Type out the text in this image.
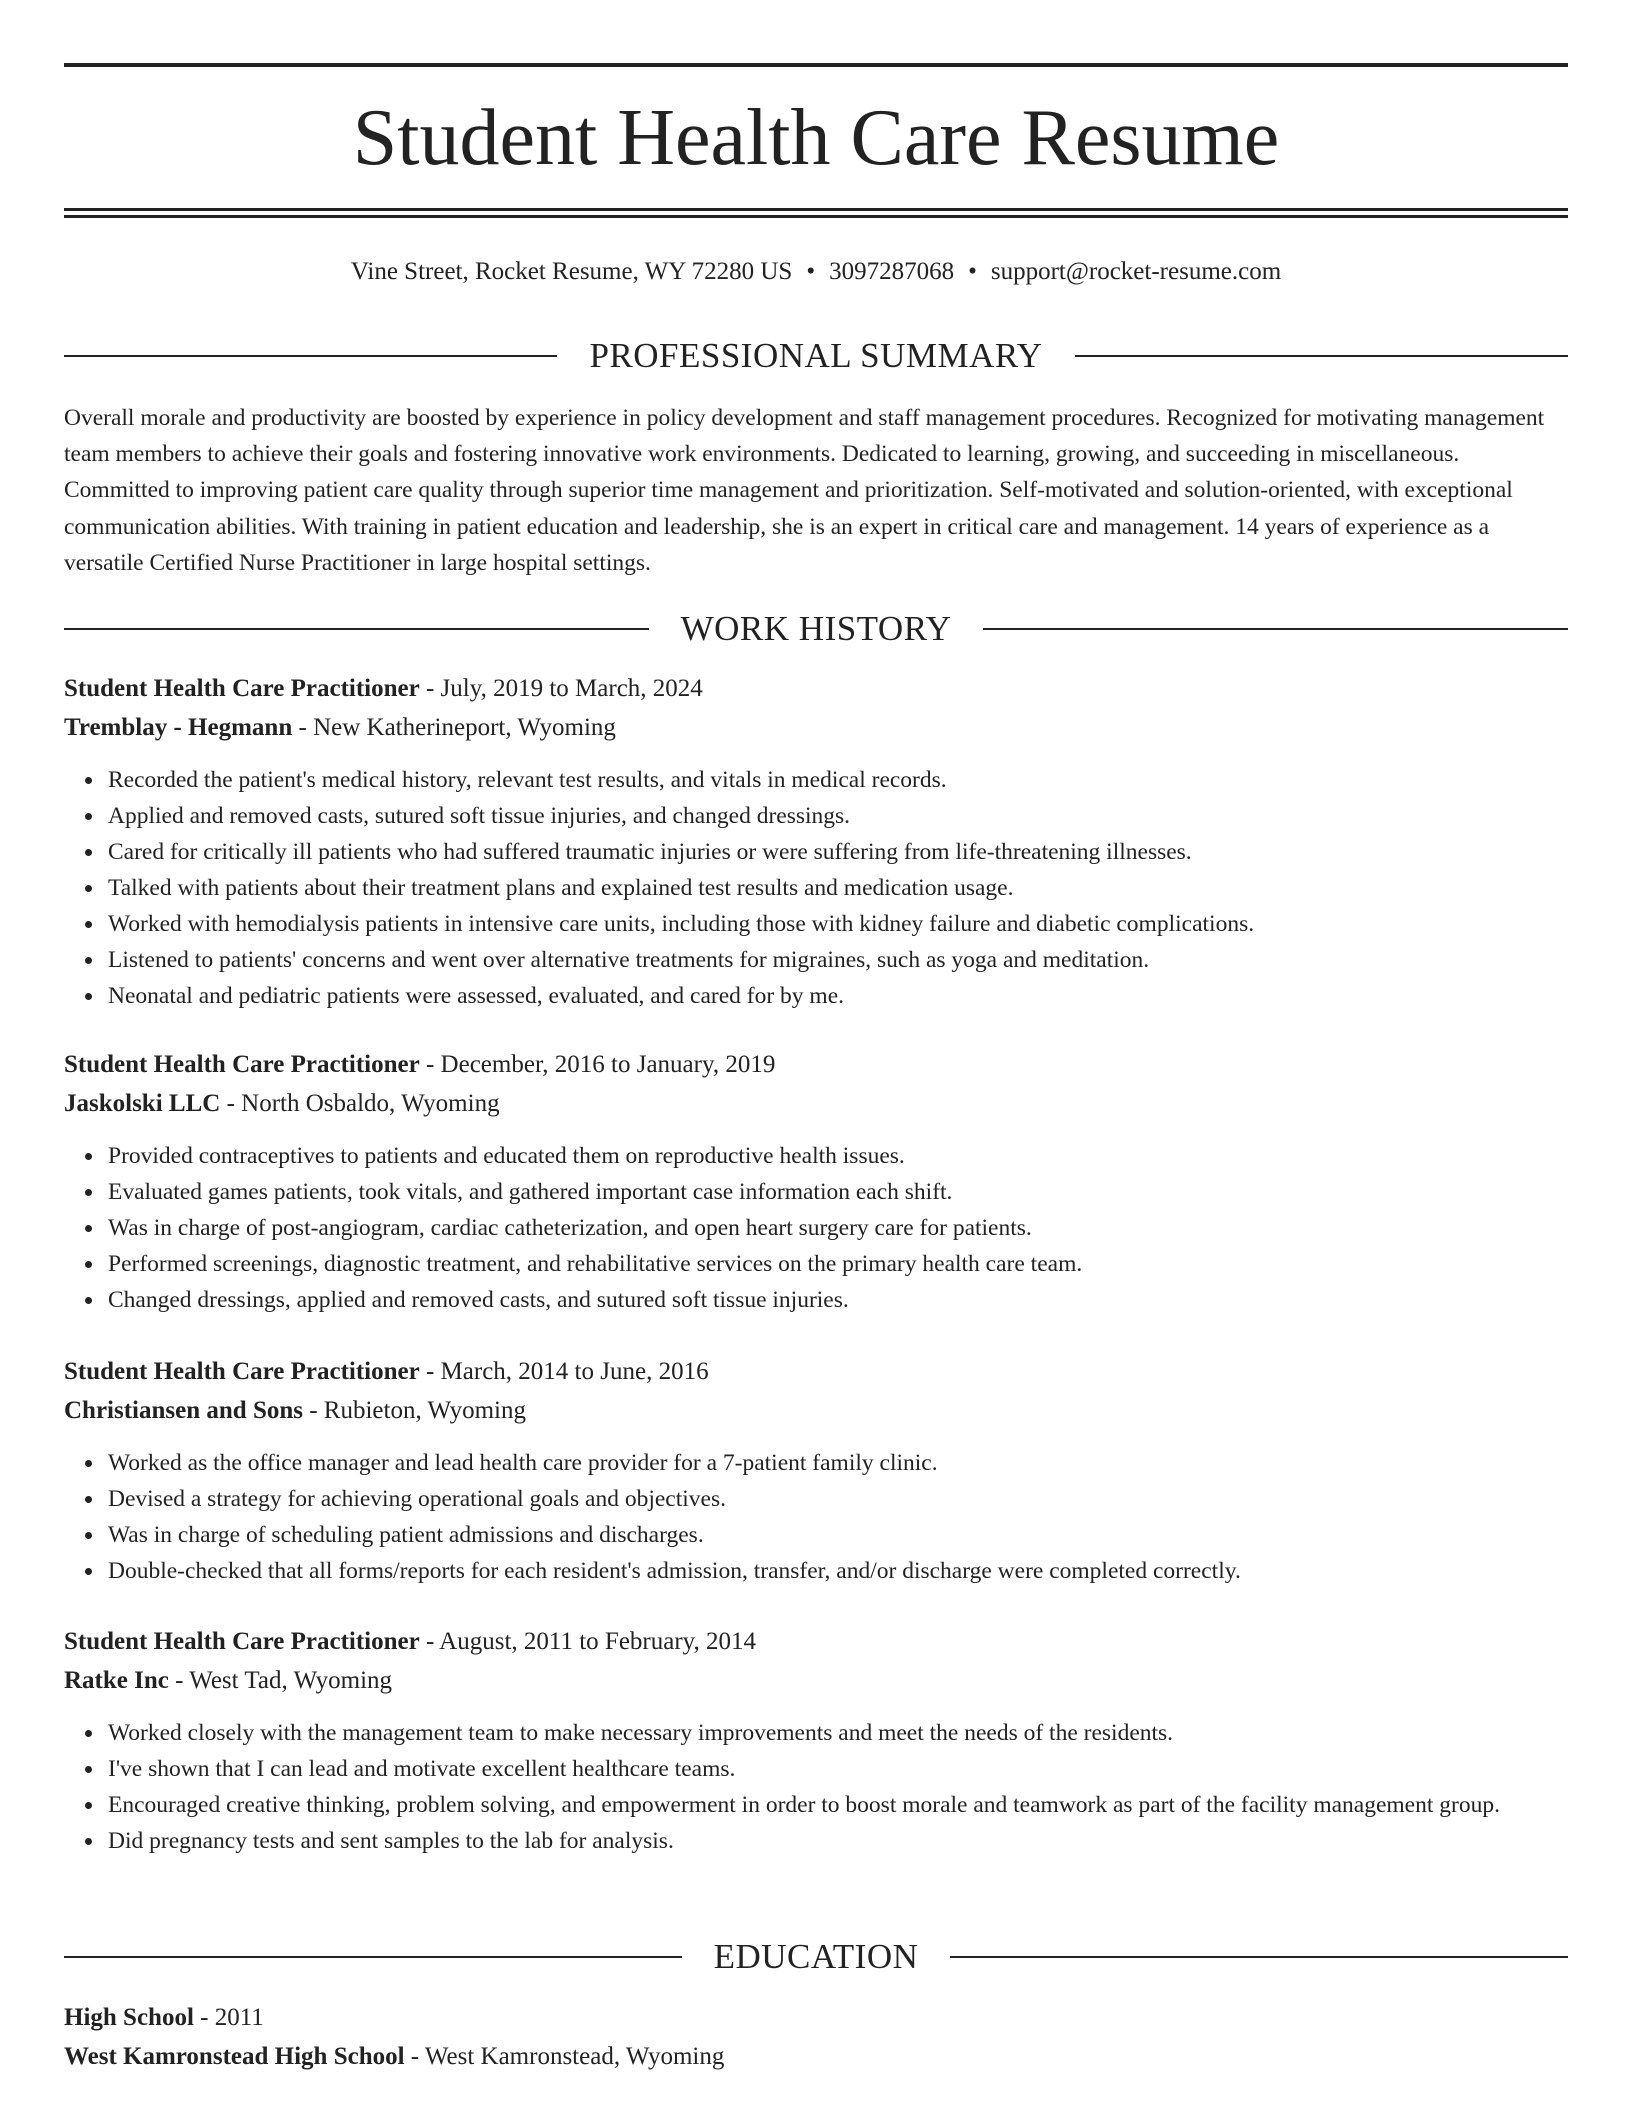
Student Health Care Resume
Vine Street, Rocket Resume, WY 72280 US • 3097287068 • support@rocket-resume.com
PROFESSIONAL SUMMARY

Overall morale and productivity are boosted by experience in policy development and staff management procedures. Recognized for motivating management team members to achieve their goals and fostering innovative work environments. Dedicated to learning, growing, and succeeding in miscellaneous. Committed to improving patient care quality through superior time management and prioritization. Self-motivated and solution-oriented, with exceptional communication abilities. With training in patient education and leadership, she is an expert in critical care and management. 14 years of experience as a versatile Certified Nurse Practitioner in large hospital settings.

WORK HISTORY
Student Health Care Practitioner - July, 2019 to March, 2024
Tremblay - Hegmann - New Katherineport, Wyoming
Recorded the patient's medical history, relevant test results, and vitals in medical records.
Applied and removed casts, sutured soft tissue injuries, and changed dressings.
Cared for critically ill patients who had suffered traumatic injuries or were suffering from life-threatening illnesses.
Talked with patients about their treatment plans and explained test results and medication usage.
Worked with hemodialysis patients in intensive care units, including those with kidney failure and diabetic complications.
Listened to patients' concerns and went over alternative treatments for migraines, such as yoga and meditation.
Neonatal and pediatric patients were assessed, evaluated, and cared for by me.
Student Health Care Practitioner - December, 2016 to January, 2019
Jaskolski LLC - North Osbaldo, Wyoming
Provided contraceptives to patients and educated them on reproductive health issues.
Evaluated games patients, took vitals, and gathered important case information each shift.
Was in charge of post-angiogram, cardiac catheterization, and open heart surgery care for patients.
Performed screenings, diagnostic treatment, and rehabilitative services on the primary health care team.
Changed dressings, applied and removed casts, and sutured soft tissue injuries.
Student Health Care Practitioner - March, 2014 to June, 2016
Christiansen and Sons - Rubieton, Wyoming
Worked as the office manager and lead health care provider for a 7-patient family clinic.
Devised a strategy for achieving operational goals and objectives.
Was in charge of scheduling patient admissions and discharges.
Double-checked that all forms/reports for each resident's admission, transfer, and/or discharge were completed correctly.
Student Health Care Practitioner - August, 2011 to February, 2014
Ratke Inc - West Tad, Wyoming
Worked closely with the management team to make necessary improvements and meet the needs of the residents.
I've shown that I can lead and motivate excellent healthcare teams.
Encouraged creative thinking, problem solving, and empowerment in order to boost morale and teamwork as part of the facility management group.
Did pregnancy tests and sent samples to the lab for analysis.
EDUCATION
High School - 2011
West Kamronstead High School - West Kamronstead, Wyoming
